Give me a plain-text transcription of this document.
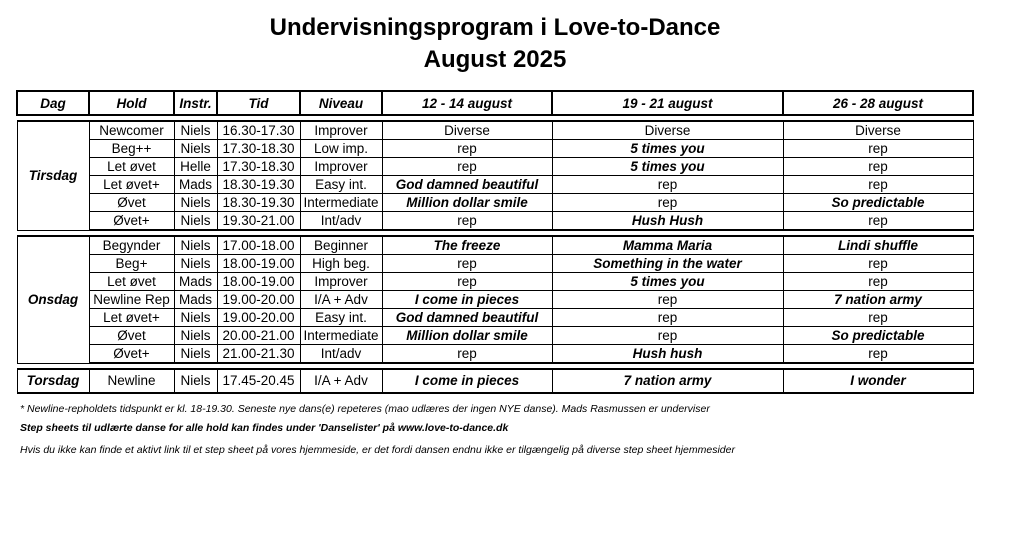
Undervisningsprogram i Love-to-Dance
August 2025
Dag	Hold	Instr.	Tid	Niveau	12 - 14 august	19 - 21 august	26 - 28 august

Tirsdag	Newcomer	Niels	16.30-17.30	Improver	Diverse	Diverse	Diverse
	Beg++	Niels	17.30-18.30	Low imp.	rep	5 times you	rep
	Let øvet	Helle	17.30-18.30	Improver	rep	5 times you	rep
	Let øvet+	Mads	18.30-19.30	Easy int.	God damned beautiful	rep	rep
	Øvet	Niels	18.30-19.30	Intermediate	Million dollar smile	rep	So predictable
	Øvet+	Niels	19.30-21.00	Int/adv	rep	Hush Hush	rep

Onsdag	Begynder	Niels	17.00-18.00	Beginner	The freeze	Mamma Maria	Lindi shuffle
	Beg+	Niels	18.00-19.00	High beg.	rep	Something in the water	rep
	Let øvet	Mads	18.00-19.00	Improver	rep	5 times you	rep
	Newline Rep	Mads	19.00-20.00	I/A + Adv	I come in pieces	rep	7 nation army
	Let øvet+	Niels	19.00-20.00	Easy int.	God damned beautiful	rep	rep
	Øvet	Niels	20.00-21.00	Intermediate	Million dollar smile	rep	So predictable
	Øvet+	Niels	21.00-21.30	Int/adv	rep	Hush hush	rep

Torsdag	Newline	Niels	17.45-20.45	I/A + Adv	I come in pieces	7 nation army	I wonder
* Newline-repholdets tidspunkt er kl. 18-19.30. Seneste nye dans(e) repeteres (mao udlæres der ingen NYE danse). Mads Rasmussen er underviser
Step sheets til udlærte danse for alle hold kan findes under 'Danselister' på www.love-to-dance.dk
Hvis du ikke kan finde et aktivt link til et step sheet på vores hjemmeside, er det fordi dansen endnu ikke er tilgængelig på diverse step sheet hjemmesider
